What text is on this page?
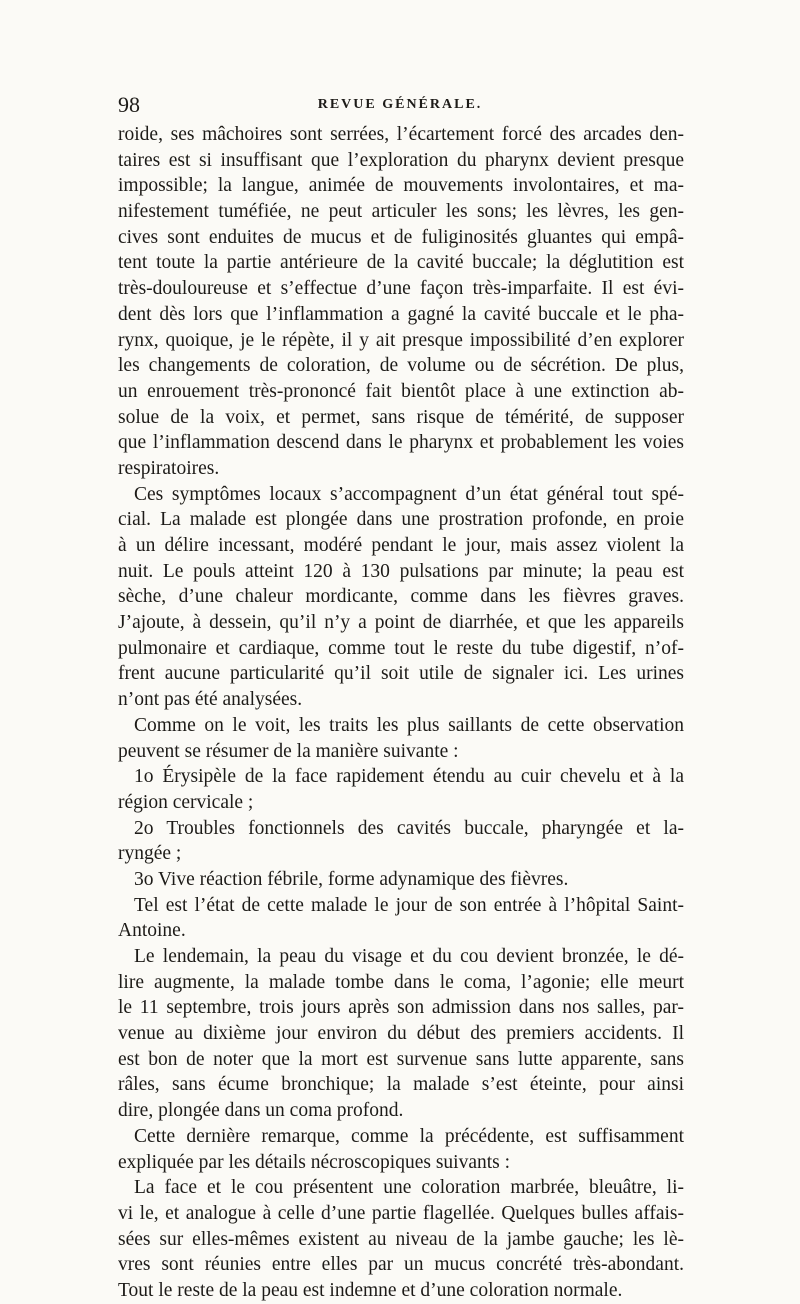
98	REVUE GÉNÉRALE.
roide, ses mâchoires sont serrées, l’écartement forcé des arcades den-
taires est si insuffisant que l’exploration du pharynx devient presque
impossible; la langue, animée de mouvements involontaires, et ma-
nifestement tuméfiée, ne peut articuler les sons; les lèvres, les gen-
cives sont enduites de mucus et de fuliginosités gluantes qui empâ-
tent toute la partie antérieure de la cavité buccale; la déglutition est
très-douloureuse et s’effectue d’une façon très-imparfaite. Il est évi-
dent dès lors que l’inflammation a gagné la cavité buccale et le pha-
rynx, quoique, je le répète, il y ait presque impossibilité d’en explorer
les changements de coloration, de volume ou de sécrétion. De plus,
un enrouement très-prononcé fait bientôt place à une extinction ab-
solue de la voix, et permet, sans risque de témérité, de supposer
que l’inflammation descend dans le pharynx et probablement les voies
respiratoires.
Ces symptômes locaux s’accompagnent d’un état général tout spé-
cial. La malade est plongée dans une prostration profonde, en proie
à un délire incessant, modéré pendant le jour, mais assez violent la
nuit. Le pouls atteint 120 à 130 pulsations par minute; la peau est
sèche, d’une chaleur mordicante, comme dans les fièvres graves.
J’ajoute, à dessein, qu’il n’y a point de diarrhée, et que les appareils
pulmonaire et cardiaque, comme tout le reste du tube digestif, n’of-
frent aucune particularité qu’il soit utile de signaler ici. Les urines
n’ont pas été analysées.
Comme on le voit, les traits les plus saillants de cette observation
peuvent se résumer de la manière suivante :
1o Érysipèle de la face rapidement étendu au cuir chevelu et à la
région cervicale ;
2o Troubles fonctionnels des cavités buccale, pharyngée et la-
ryngée ;
3o Vive réaction fébrile, forme adynamique des fièvres.
Tel est l’état de cette malade le jour de son entrée à l’hôpital Saint-
Antoine.
Le lendemain, la peau du visage et du cou devient bronzée, le dé-
lire augmente, la malade tombe dans le coma, l’agonie; elle meurt
le 11 septembre, trois jours après son admission dans nos salles, par-
venue au dixième jour environ du début des premiers accidents. Il
est bon de noter que la mort est survenue sans lutte apparente, sans
râles, sans écume bronchique; la malade s’est éteinte, pour ainsi
dire, plongée dans un coma profond.
Cette dernière remarque, comme la précédente, est suffisamment
expliquée par les détails nécroscopiques suivants :
La face et le cou présentent une coloration marbrée, bleuâtre, li-
vi le, et analogue à celle d’une partie flagellée. Quelques bulles affais-
sées sur elles-mêmes existent au niveau de la jambe gauche; les lè-
vres sont réunies entre elles par un mucus concrété très-abondant.
Tout le reste de la peau est indemne et d’une coloration normale.
